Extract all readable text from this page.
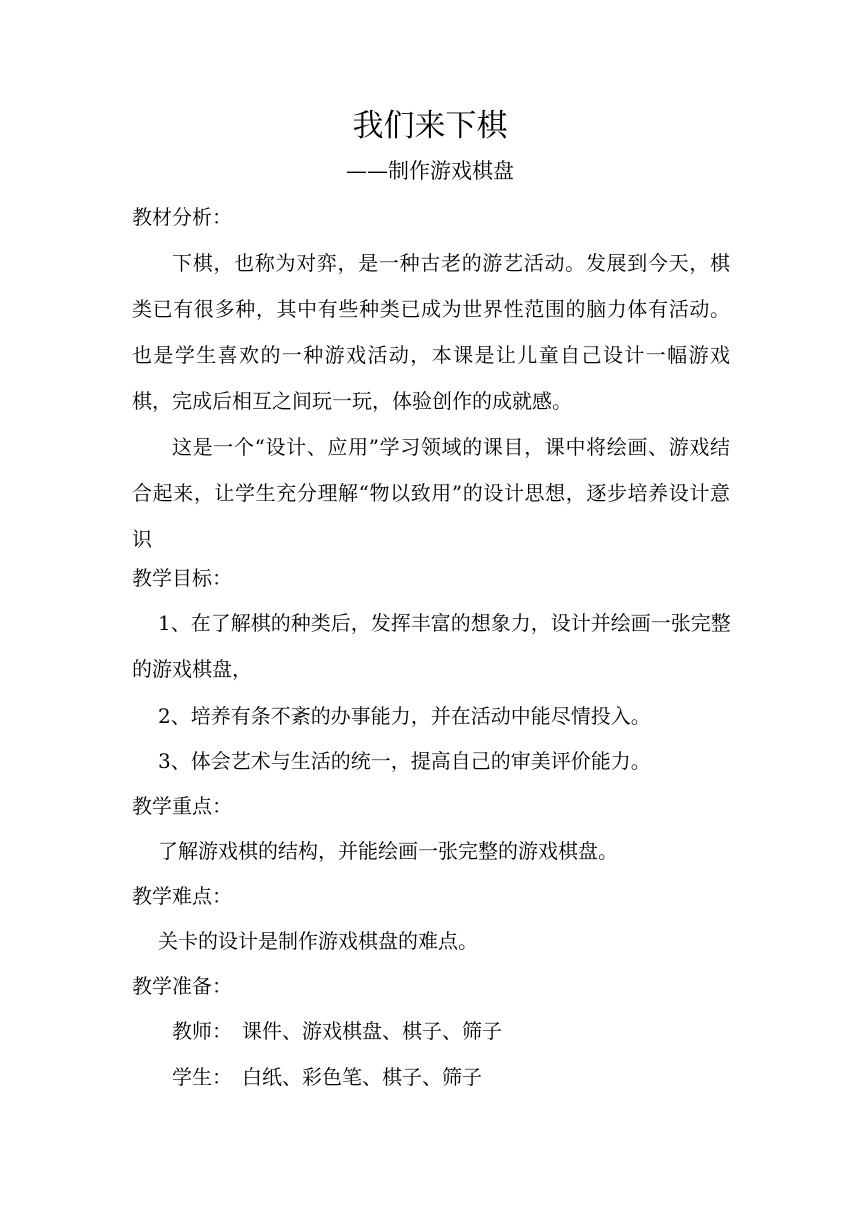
我们来下棋
——制作游戏棋盘
教材分析：

下棋，也称为对弈，是一种古老的游艺活动。发展到今天，棋类已有很多种，其中有些种类已成为世界性范围的脑力体有活动。也是学生喜欢的一种游戏活动，本课是让儿童自己设计一幅游戏棋，完成后相互之间玩一玩，体验创作的成就感。

这是一个“设计、应用”学习领域的课目，课中将绘画、游戏结合起来，让学生充分理解“物以致用”的设计思想，逐步培养设计意识

教学目标：
1、在了解棋的种类后，发挥丰富的想象力，设计并绘画一张完整
的游戏棋盘，
2、培养有条不紊的办事能力，并在活动中能尽情投入。
3、体会艺术与生活的统一，提高自己的审美评价能力。
教学重点：
了解游戏棋的结构，并能绘画一张完整的游戏棋盘。
教学难点：
关卡的设计是制作游戏棋盘的难点。
教学准备：
教师： 课件、游戏棋盘、棋子、筛子
学生： 白纸、彩色笔、棋子、筛子
